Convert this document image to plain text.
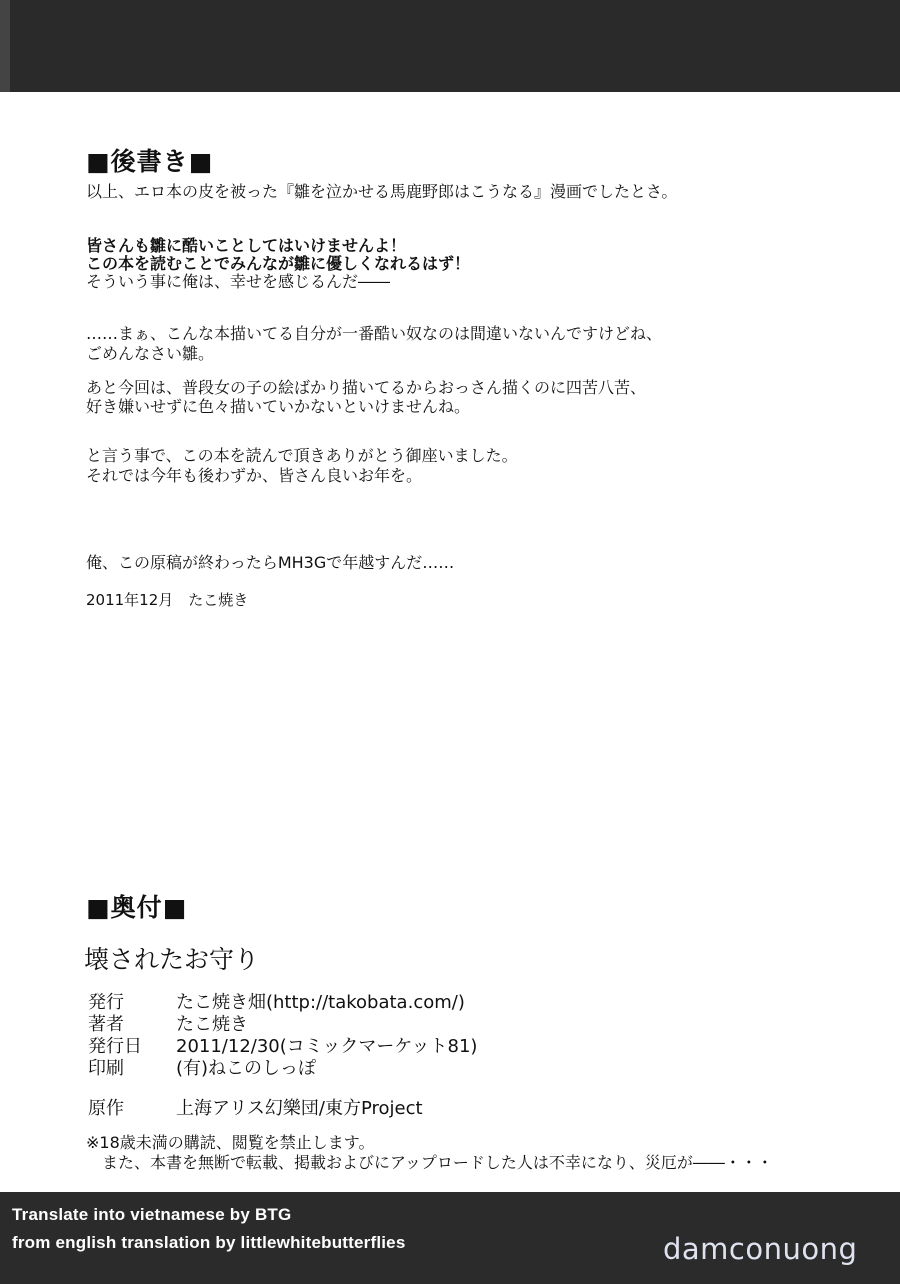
■後書き■
以上、エロ本の皮を被った『雛を泣かせる馬鹿野郎はこうなる』漫画でしたとさ。
皆さんも雛に酷いことしてはいけませんよ！
この本を読むことでみんなが雛に優しくなれるはず！
そういう事に俺は、幸せを感じるんだ――
……まぁ、こんな本描いてる自分が一番酷い奴なのは間違いないんですけどね、
ごめんなさい雛。
あと今回は、普段女の子の絵ばかり描いてるからおっさん描くのに四苦八苦、
好き嫌いせずに色々描いていかないといけませんね。
と言う事で、この本を読んで頂きありがとう御座いました。
それでは今年も後わずか、皆さん良いお年を。
俺、この原稿が終わったらMH3Gで年越すんだ……
2011年12月　たこ焼き
■奥付■
壊されたお守り
発行	たこ焼き畑(http://takobata.com/)
著者	たこ焼き
発行日 2011/12/30(コミックマーケット81)
印刷	(有)ねこのしっぽ
原作	上海アリス幻樂団/東方Project
※18歳未満の購読、閲覧を禁止します。
　また、本書を無断で転載、掲載およびにアップロードした人は不幸になり、災厄が――・・・
Translate into vietnamese by BTG
from english translation by littlewhitebutterflies	damconuong
